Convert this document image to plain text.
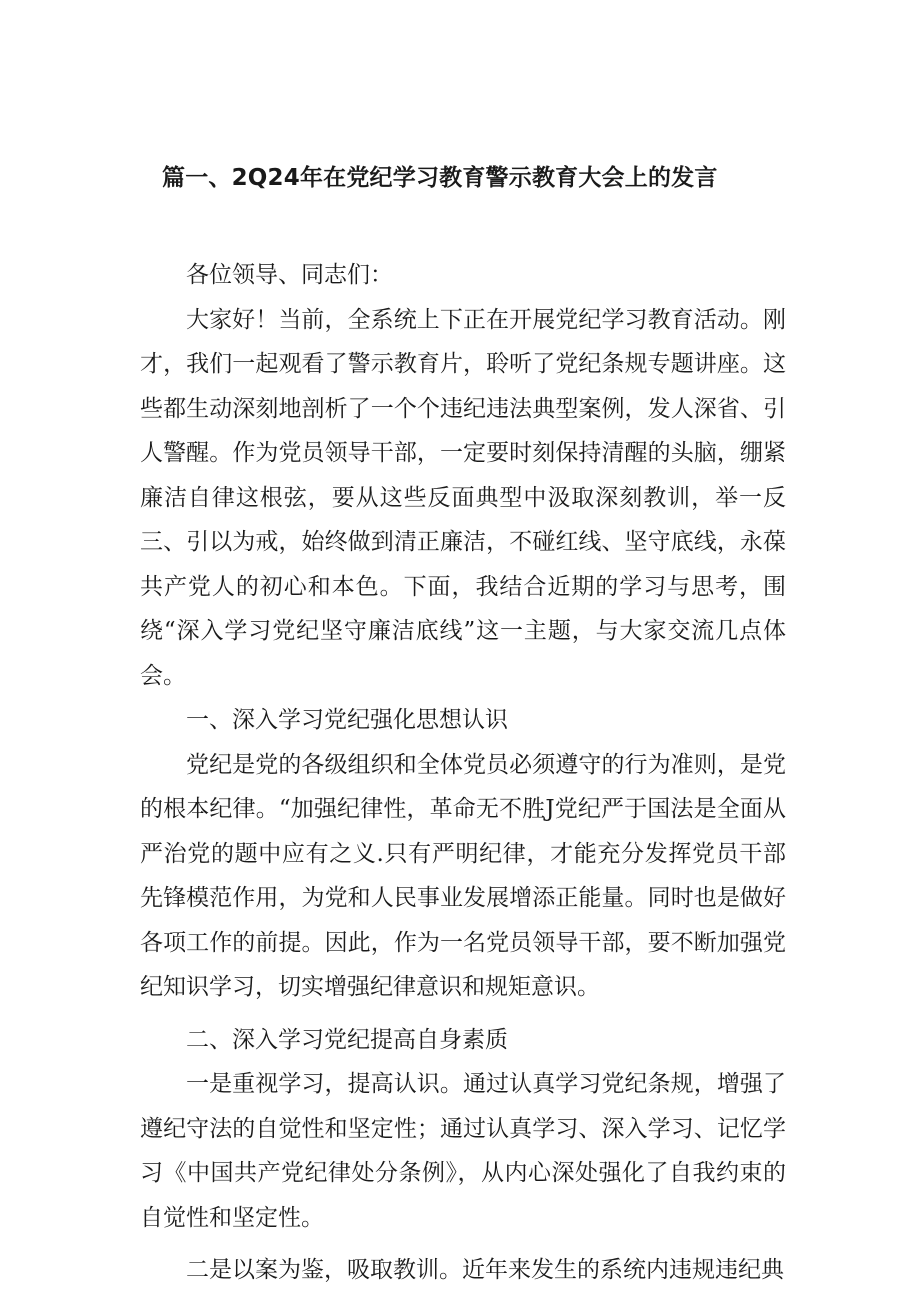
篇一、2Q24年在党纪学习教育警示教育大会上的发言

各位领导、同志们：

大家好！当前，全系统上下正在开展党纪学习教育活动。刚才，我们一起观看了警示教育片，聆听了党纪条规专题讲座。这些都生动深刻地剖析了一个个违纪违法典型案例，发人深省、引人警醒。作为党员领导干部，一定要时刻保持清醒的头脑，绷紧廉洁自律这根弦，要从这些反面典型中汲取深刻教训，举一反三、引以为戒，始终做到清正廉洁，不碰红线、坚守底线，永葆共产党人的初心和本色。下面，我结合近期的学习与思考，围绕“深入学习党纪坚守廉洁底线”这一主题，与大家交流几点体会。

一、深入学习党纪强化思想认识

党纪是党的各级组织和全体党员必须遵守的行为准则，是党的根本纪律。“加强纪律性，革命无不胜J党纪严于国法是全面从严治党的题中应有之义.只有严明纪律，才能充分发挥党员干部先锋模范作用，为党和人民事业发展增添正能量。同时也是做好各项工作的前提。因此，作为一名党员领导干部，要不断加强党纪知识学习，切实增强纪律意识和规矩意识。

二、深入学习党纪提高自身素质

一是重视学习，提高认识。通过认真学习党纪条规，增强了遵纪守法的自觉性和坚定性；通过认真学习、深入学习、记忆学习《中国共产党纪律处分条例》，从内心深处强化了自我约束的自觉性和坚定性。

二是以案为鉴，吸取教训。近年来发生的系统内违规违纪典
